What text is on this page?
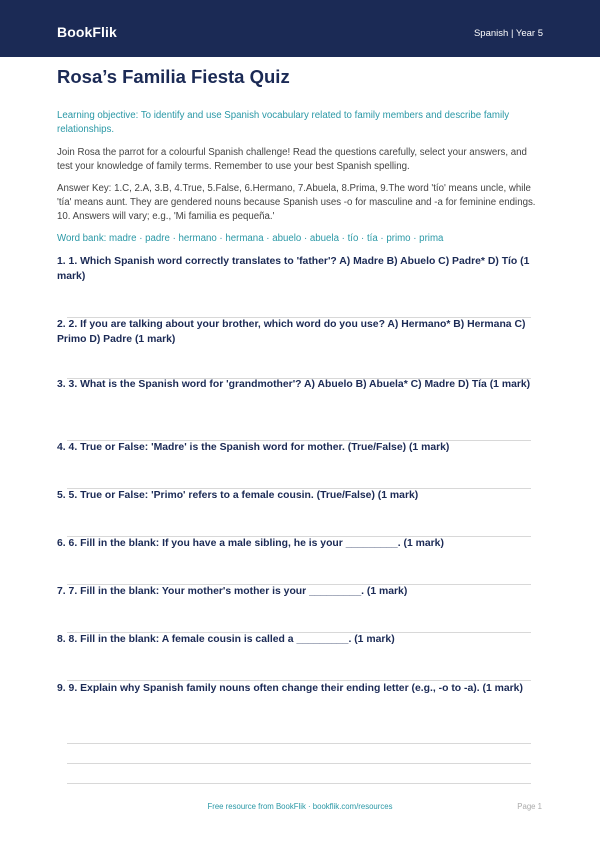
BookFlik	Spanish | Year 5
Rosa’s Familia Fiesta Quiz

Learning objective: To identify and use Spanish vocabulary related to family members and describe family relationships.

Join Rosa the parrot for a colourful Spanish challenge! Read the questions carefully, select your answers, and test your knowledge of family terms. Remember to use your best Spanish spelling.

Answer Key: 1.C, 2.A, 3.B, 4.True, 5.False, 6.Hermano, 7.Abuela, 8.Prima, 9.The word 'tío' means uncle, while 'tía' means aunt. They are gendered nouns because Spanish uses -o for masculine and -a for feminine endings. 10. Answers will vary; e.g., 'Mi familia es pequeña.'

Word bank: madre · padre · hermano · hermana · abuelo · abuela · tío · tía · primo · prima

1. 1. Which Spanish word correctly translates to 'father'? A) Madre B) Abuelo C) Padre* D) Tío (1 mark)
2. 2. If you are talking about your brother, which word do you use? A) Hermano* B) Hermana C) Primo D) Padre (1 mark)
3. 3. What is the Spanish word for 'grandmother'? A) Abuelo B) Abuela* C) Madre D) Tía (1 mark)
4. 4. True or False: 'Madre' is the Spanish word for mother. (True/False) (1 mark)
5. 5. True or False: 'Primo' refers to a female cousin. (True/False) (1 mark)
6. 6. Fill in the blank: If you have a male sibling, he is your _________. (1 mark)
7. 7. Fill in the blank: Your mother's mother is your _________. (1 mark)
8. 8. Fill in the blank: A female cousin is called a _________. (1 mark)
9. 9. Explain why Spanish family nouns often change their ending letter (e.g., -o to -a). (1 mark)
Free resource from BookFlik · bookflik.com/resources	Page 1
